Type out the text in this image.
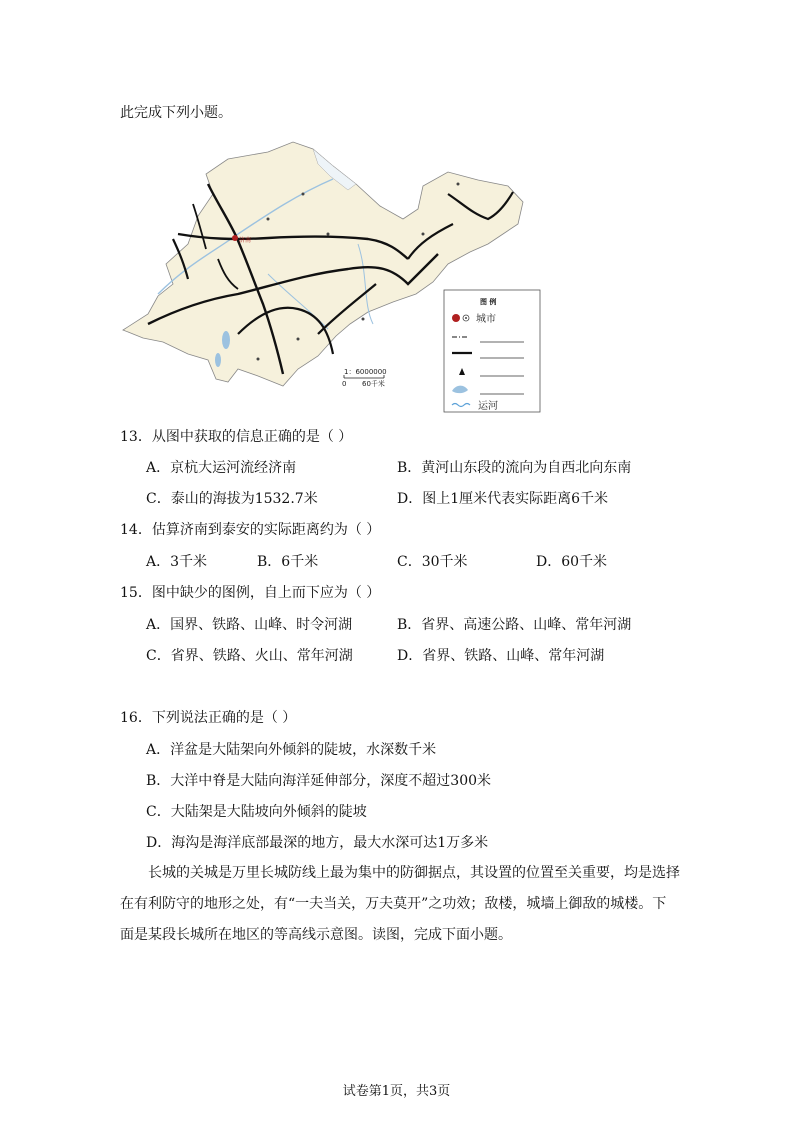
此完成下列小题。
济南
1：6000000
0 60千米
图 例
城市
运河
13．从图中获取的信息正确的是（ ）
A．京杭大运河流经济南	B．黄河山东段的流向为自西北向东南
C．泰山的海拔为1532.7米	D．图上1厘米代表实际距离6千米
14．估算济南到泰安的实际距离约为（ ）
A．3千米	B．6千米	C．30千米	D．60千米
15．图中缺少的图例，自上而下应为（ ）
A．国界、铁路、山峰、时令河湖	B．省界、高速公路、山峰、常年河湖
C．省界、铁路、火山、常年河湖	D．省界、铁路、山峰、常年河湖
16．下列说法正确的是（ ）
A．洋盆是大陆架向外倾斜的陡坡，水深数千米
B．大洋中脊是大陆向海洋延伸部分，深度不超过300米
C．大陆架是大陆坡向外倾斜的陡坡
D．海沟是海洋底部最深的地方，最大水深可达1万多米
长城的关城是万里长城防线上最为集中的防御据点，其设置的位置至关重要，均是选择在有利防守的地形之处，有“一夫当关，万夫莫开”之功效；敌楼，城墙上御敌的城楼。下面是某段长城所在地区的等高线示意图。读图，完成下面小题。
试卷第1页，共3页
